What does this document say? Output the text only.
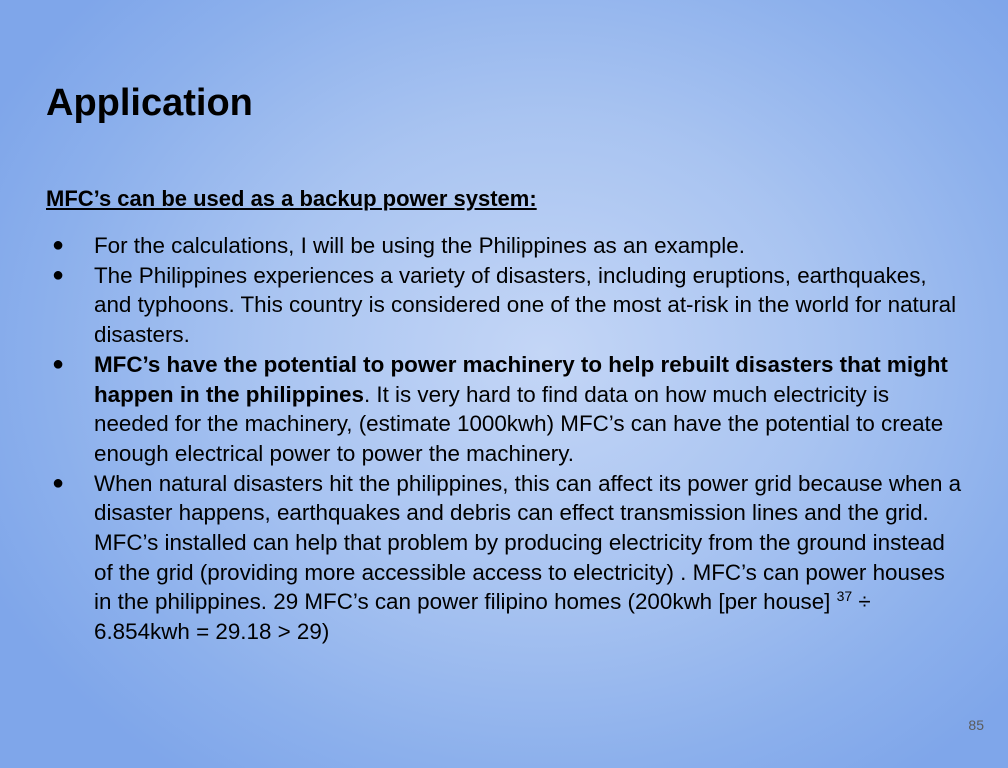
Application
MFC’s can be used as a backup power system:
● For the calculations, I will be using the Philippines as an example.
● The Philippines experiences a variety of disasters, including eruptions, earthquakes, and typhoons. This country is considered one of the most at-risk in the world for natural disasters.
● MFC’s have the potential to power machinery to help rebuilt disasters that might happen in the philippines. It is very hard to find data on how much electricity is needed for the machinery, (estimate 1000kwh) MFC’s can have the potential to create enough electrical power to power the machinery.
● When natural disasters hit the philippines, this can affect its power grid because when a disaster happens, earthquakes and debris can effect transmission lines and the grid. MFC’s installed can help that problem by producing electricity from the ground instead of the grid (providing more accessible access to electricity) . MFC’s can power houses in the philippines. 29 MFC’s can power filipino homes (200kwh [per house] $^{37}$ ÷ 6.854kwh = 29.18 > 29)
85
